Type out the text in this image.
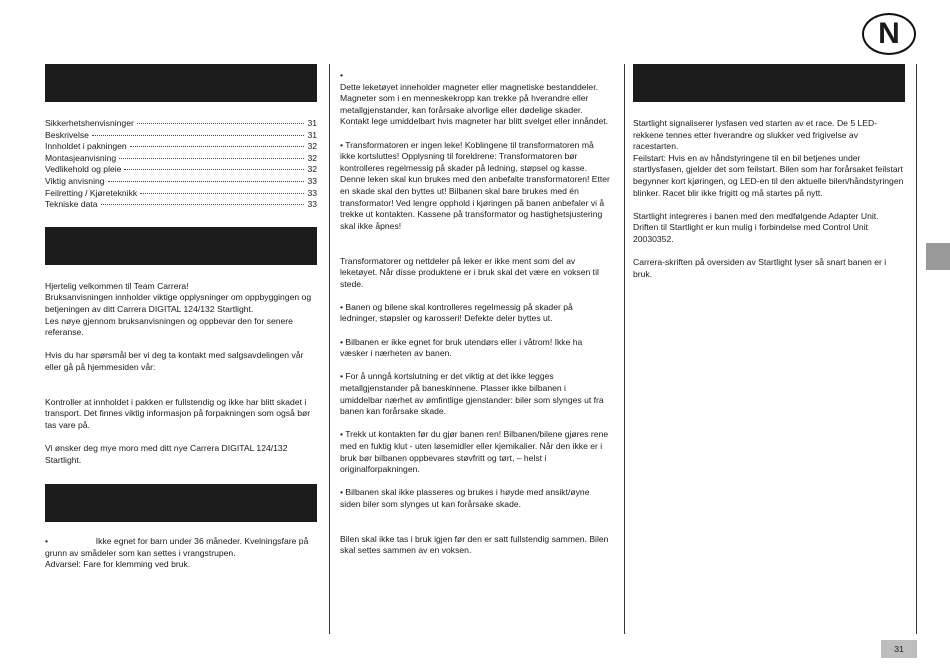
N
Sikkerhetshenvisninger	31
Beskrivelse	31
Innholdet i pakningen	32
Montasjeanvisning	32
Vedlikehold og pleie	32
Viktig anvisning	33
Feilretting / Kjøreteknikk	33
Tekniske data	33

Hjertelig velkommen til Team Carrera!
Bruksanvisningen innholder viktige opplysninger om oppbyggingen og betjeningen av ditt Carrera DIGITAL 124/132 Startlight.
Les nøye gjennom bruksanvisningen og oppbevar den for senere referanse.

Hvis du har spørsmål ber vi deg ta kontakt med salgsavdelingen vår eller gå på hjemmesiden vår:

Kontroller at innholdet i pakken er fullstendig og ikke har blitt skadet i transport. Det finnes viktig informasjon på forpakningen som også bør tas vare på.

Vi ønsker deg mye moro med ditt nye Carrera DIGITAL 124/132 Startlight.

•                    Ikke egnet for barn under 36 måneder. Kvelningsfare på grunn av smådeler som kan settes i vrangstrupen.
Advarsel: Fare for klemming ved bruk.

•

Dette leketøyet inneholder magneter eller magnetiske bestanddeler. Magneter som i en menneskekropp kan trekke på hverandre eller metallgjenstander, kan forårsake alvorlige eller dødelige skader. Kontakt lege umiddelbart hvis magneter har blitt svelget eller innåndet.

• Transformatoren er ingen leke! Koblingene til transformatoren må ikke kortsluttes! Opplysning til foreldrene: Transformatoren bør kontrolleres regelmessig på skader på ledning, støpsel og kasse. Denne leken skal kun brukes med den anbefalte transformatoren! Etter en skade skal den byttes ut! Bilbanen skal bare brukes med én transformator! Ved lengre opphold i kjøringen på banen anbefaler vi å trekke ut kontakten. Kassene på transformator og hastighetsjustering skal ikke åpnes!

Transformatorer og nettdeler på leker er ikke ment som del av leketøyet. Når disse produktene er i bruk skal det være en voksen til stede.

• Banen og bilene skal kontrolleres regelmessig på skader på ledninger, støpsler og karosseri! Defekte deler byttes ut.

• Bilbanen er ikke egnet for bruk utendørs eller i våtrom! Ikke ha væsker i nærheten av banen.

• For å unngå kortslutning er det viktig at det ikke legges metallgjenstander på baneskinnene. Plasser ikke bilbanen i umiddelbar nærhet av ømfintlige gjenstander: biler som slynges ut fra banen kan forårsake skade.

• Trekk ut kontakten før du gjør banen ren! Bilbanen/bilene gjøres rene med en fuktig klut - uten løsemidler eller kjemikalier. Når den ikke er i bruk bør bilbanen oppbevares støvfritt og tørt, – helst i originalforpakningen.

• Bilbanen skal ikke plasseres og brukes i høyde med ansikt/øyne siden biler som slynges ut kan forårsake skade.

Bilen skal ikke tas i bruk igjen før den er satt fullstendig sammen. Bilen skal settes sammen av en voksen.

Startlight signaliserer lysfasen ved starten av et race. De 5 LED-rekkene tennes etter hverandre og slukker ved frigivelse av racestarten.
Feilstart: Hvis en av håndstyringene til en bil betjenes under startlysfasen, gjelder det som feilstart. Bilen som har forårsaket feilstart begynner kort kjøringen, og LED-en til den aktuelle bilen/håndstyringen blinker. Racet blir ikke frigitt og må startes på nytt.

Startlight integreres i banen med den medfølgende Adapter Unit. Driften til Startlight er kun mulig i forbindelse med Control Unit 20030352.

Carrera-skriften på oversiden av Startlight lyser så snart banen er i bruk.

31
